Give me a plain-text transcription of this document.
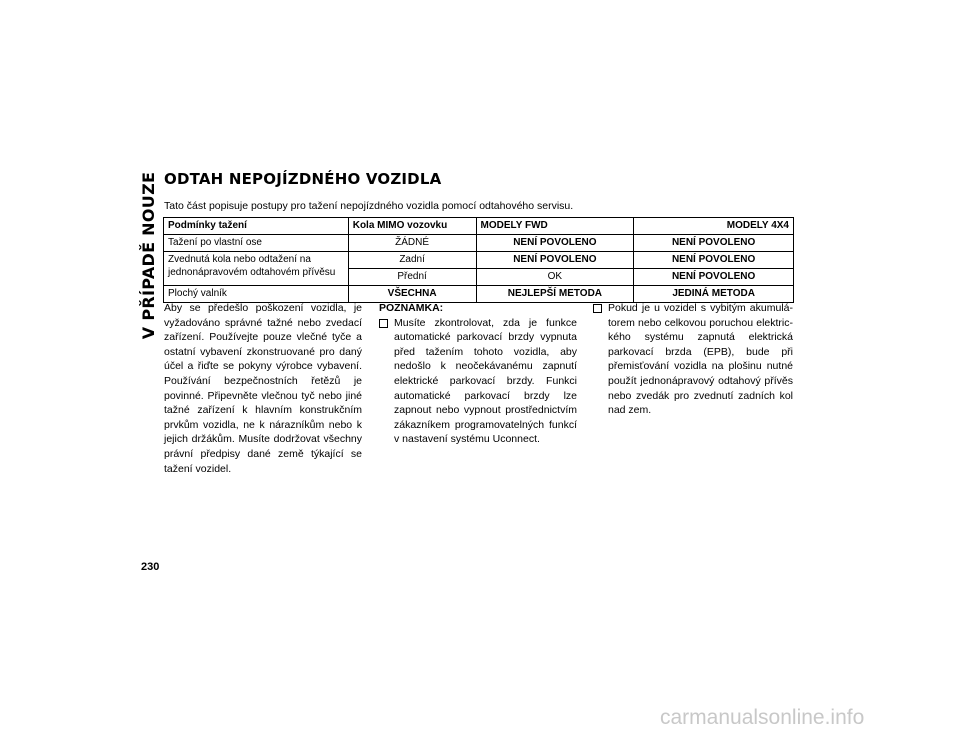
V PŘÍPADĚ NOUZE ODTAH NEPOJÍZDNÉHO VOZIDLA

Tato část popisuje postupy pro tažení nepojízdného vozidla pomocí odtahového servisu.

Podmínky tažení	Kola MIMO vozovku	MODELY FWD	MODELY 4X4
Tažení po vlastní ose	ŽÁDNÉ	NENÍ POVOLENO	NENÍ POVOLENO
Zvednutá kola nebo odtažení na jednonápravovém odtahovém přívěsu	Zadní	NENÍ POVOLENO	NENÍ POVOLENO
	Přední	OK	NENÍ POVOLENO
Plochý valník	VŠECHNA	NEJLEPŠÍ METODA	JEDINÁ METODA

Aby se předešlo poškození vozidla, je vyžadováno správné tažné nebo zvedací zařízení. Používejte pouze vlečné tyče a ostatní vybavení zkonstruované pro daný účel a řiďte se pokyny výrobce vybavení. Používání bezpečnostních řetězů je povinné. Připevněte vlečnou tyč nebo jiné tažné zařízení k hlavním konstrukčním prvkům vozidla, ne k nárazníkům nebo k jejich držákům. Musíte dodržovat všechny právní předpisy dané země týkající se tažení vozidel.

POZNÁMKA:

Musíte zkontrolovat, zda je funkce automatické parkovací brzdy vypnuta před tažením tohoto vozidla, aby nedošlo k neočekávanému zapnutí elektrické parkovací brzdy. Funkci automatické parkovací brzdy lze zapnout nebo vypnout prostřednictvím zákazníkem programovatelných funkcí v nastavení systému Uconnect.
Pokud je u vozidel s vybitým akumulátorem nebo celkovou poruchou elektrického systému zapnutá elektrická parkovací brzda (EPB), bude při přemisťování vozidla na plošinu nutné použít jednonápravový odtahový přívěs nebo zvedák pro zvednutí zadních kol nad zem.
230
carmanualsonline.info
